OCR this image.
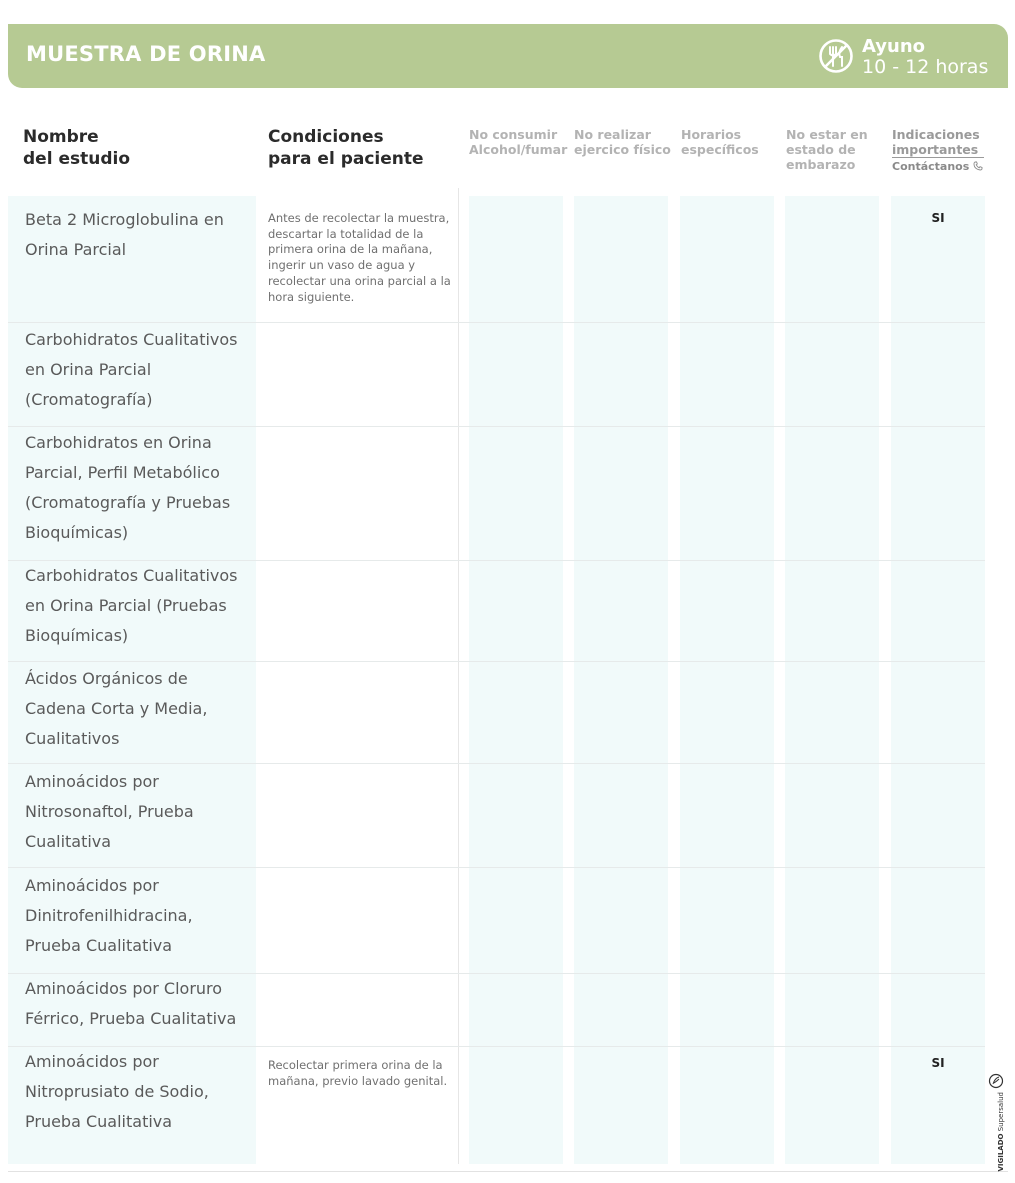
MUESTRA DE ORINA	Ayuno
10 - 12 horas
Nombre
del estudio
Condiciones
para el paciente
No consumir
Alcohol/fumar
No realizar
ejercico físico
Horarios
específicos
No estar en
estado de
embarazo
Indicaciones
importantes
Contáctanos
Beta 2 Microglobulina en Orina Parcial
Antes de recolectar la muestra, descartar la totalidad de la primera orina de la mañana, ingerir un vaso de agua y recolectar una orina parcial a la hora siguiente.
SI
Carbohidratos Cualitativos en Orina Parcial (Cromatografía)
Carbohidratos en Orina Parcial, Perfil Metabólico (Cromatografía y Pruebas Bioquímicas)
Carbohidratos Cualitativos en Orina Parcial (Pruebas Bioquímicas)
Ácidos Orgánicos de Cadena Corta y Media, Cualitativos
Aminoácidos por Nitrosonaftol, Prueba Cualitativa
Aminoácidos por Dinitrofenilhidracina, Prueba Cualitativa
Aminoácidos por Cloruro Férrico, Prueba Cualitativa
Aminoácidos por Nitroprusiato de Sodio, Prueba Cualitativa
Recolectar primera orina de la mañana, previo lavado genital.
SI
VIGILADO Supersalud
